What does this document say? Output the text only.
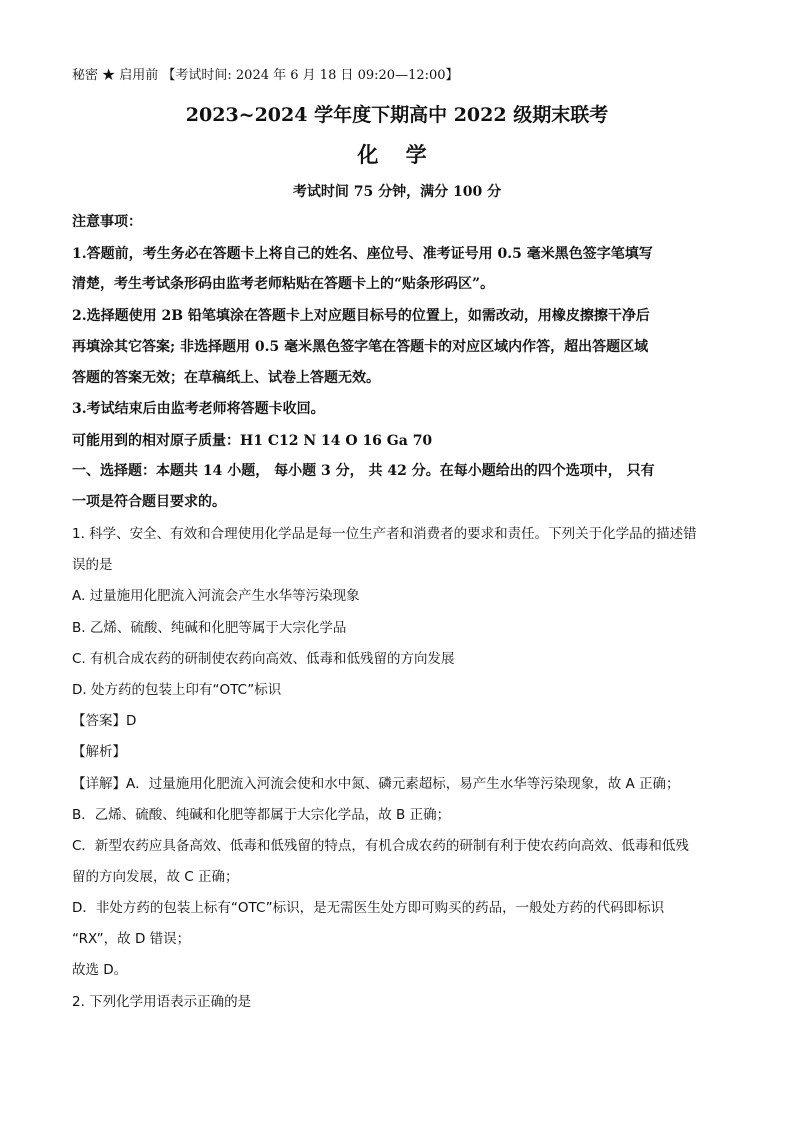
秘密 ★ 启用前 【考试时间: 2024 年 6 月 18 日 09:20—12:00】
2023~2024 学年度下期高中 2022 级期末联考
化 学
考试时间 75 分钟，满分 100 分
注意事项：
1.答题前，考生务必在答题卡上将自己的姓名、座位号、准考证号用 0.5 毫米黑色签字笔填写
清楚，考生考试条形码由监考老师粘贴在答题卡上的“贴条形码区”。
2.选择题使用 2B 铅笔填涂在答题卡上对应题目标号的位置上，如需改动，用橡皮擦擦干净后
再填涂其它答案; 非选择题用 0.5 毫米黑色签字笔在答题卡的对应区域内作答，超出答题区域
答题的答案无效；在草稿纸上、试卷上答题无效。
3.考试结束后由监考老师将答题卡收回。
可能用到的相对原子质量：H1 C12 N 14 O 16 Ga 70
一、选择题：本题共 14 小题， 每小题 3 分， 共 42 分。在每小题给出的四个选项中， 只有
一项是符合题目要求的。
1. 科学、安全、有效和合理使用化学品是每一位生产者和消费者的要求和责任。下列关于化学品的描述错
误的是
A. 过量施用化肥流入河流会产生水华等污染现象
B. 乙烯、硫酸、纯碱和化肥等属于大宗化学品
C. 有机合成农药的研制使农药向高效、低毒和低残留的方向发展
D. 处方药的包装上印有“OTC”标识
【答案】D
【解析】
【详解】A．过量施用化肥流入河流会使和水中氮、磷元素超标，易产生水华等污染现象，故 A 正确；
B．乙烯、硫酸、纯碱和化肥等都属于大宗化学品，故 B 正确；
C．新型农药应具备高效、低毒和低残留的特点，有机合成农药的研制有利于使农药向高效、低毒和低残
留的方向发展，故 C 正确；
D．非处方药的包装上标有“OTC”标识，是无需医生处方即可购买的药品，一般处方药的代码即标识
“RX”，故 D 错误；
故选 D。
2. 下列化学用语表示正确的是
